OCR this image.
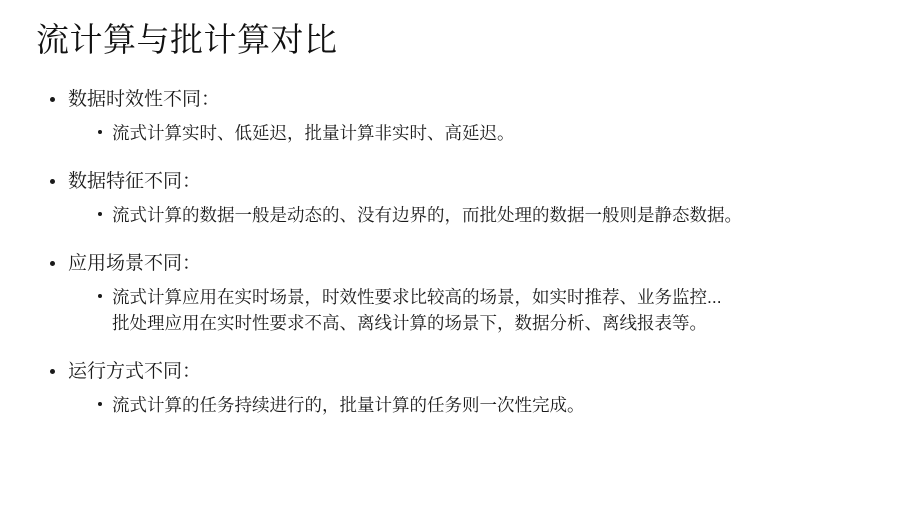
流计算与批计算对比
数据时效性不同：
流式计算实时、低延迟，批量计算非实时、高延迟。
数据特征不同：
流式计算的数据一般是动态的、没有边界的，而批处理的数据一般则是静态数据。
应用场景不同：
流式计算应用在实时场景，时效性要求比较高的场景，如实时推荐、业务监控...
批处理应用在实时性要求不高、离线计算的场景下，数据分析、离线报表等。
运行方式不同：
流式计算的任务持续进行的，批量计算的任务则一次性完成。
